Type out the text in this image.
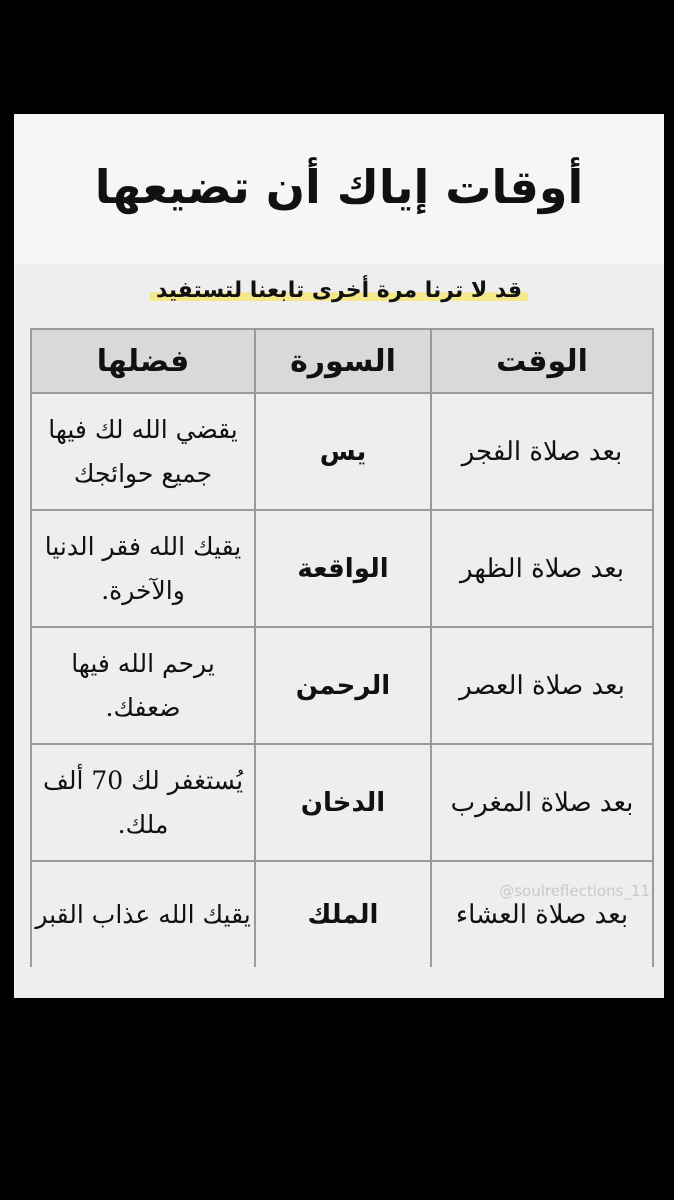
أوقات إياك أن تضيعها
قد لا ترنا مرة أخرى تابعنا لتستفيد
الوقت	السورة	فضلها
بعد صلاة الفجر	يس	يقضي الله لك فيها جميع حوائجك
بعد صلاة الظهر	الواقعة	يقيك الله فقر الدنيا والآخرة.
بعد صلاة العصر	الرحمن	يرحم الله فيها ضعفك.
بعد صلاة المغرب	الدخان	يُستغفر لك 70 ألف ملك.
بعد صلاة العشاء	الملك	يقيك الله عذاب القبر
@soulreflections_11
